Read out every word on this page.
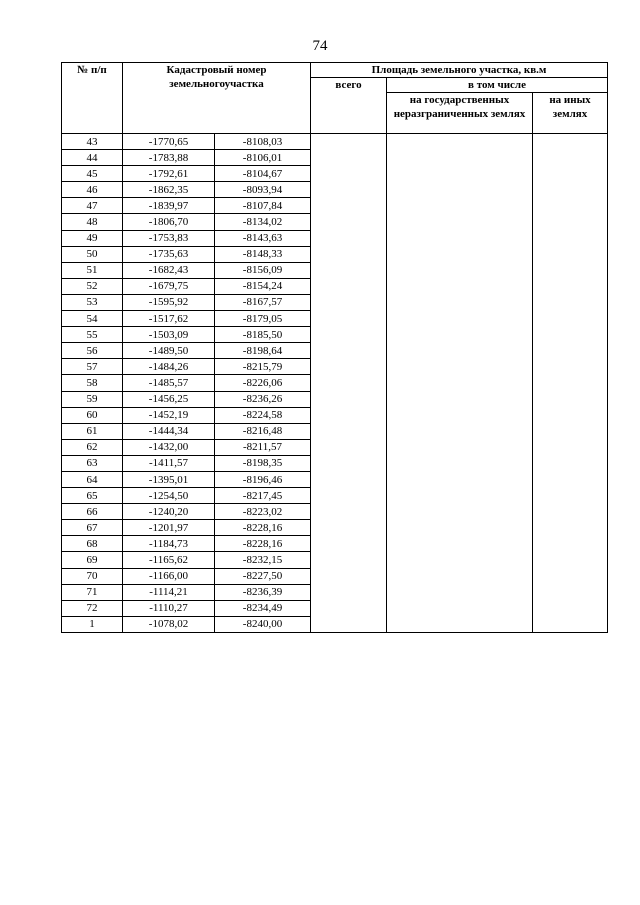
74
№ п/п	Кадастровый номер земельногоучастка		Площадь земельного участка, кв.м		
			всего	в том числе	
				на государственных неразграниченных землях	на иных землях
43	-1770,65	-8108,03			
44	-1783,88	-8106,01			
45	-1792,61	-8104,67			
46	-1862,35	-8093,94			
47	-1839,97	-8107,84			
48	-1806,70	-8134,02			
49	-1753,83	-8143,63			
50	-1735,63	-8148,33			
51	-1682,43	-8156,09			
52	-1679,75	-8154,24			
53	-1595,92	-8167,57			
54	-1517,62	-8179,05			
55	-1503,09	-8185,50			
56	-1489,50	-8198,64			
57	-1484,26	-8215,79			
58	-1485,57	-8226,06			
59	-1456,25	-8236,26			
60	-1452,19	-8224,58			
61	-1444,34	-8216,48			
62	-1432,00	-8211,57			
63	-1411,57	-8198,35			
64	-1395,01	-8196,46			
65	-1254,50	-8217,45			
66	-1240,20	-8223,02			
67	-1201,97	-8228,16			
68	-1184,73	-8228,16			
69	-1165,62	-8232,15			
70	-1166,00	-8227,50			
71	-1114,21	-8236,39			
72	-1110,27	-8234,49			
1	-1078,02	-8240,00			
